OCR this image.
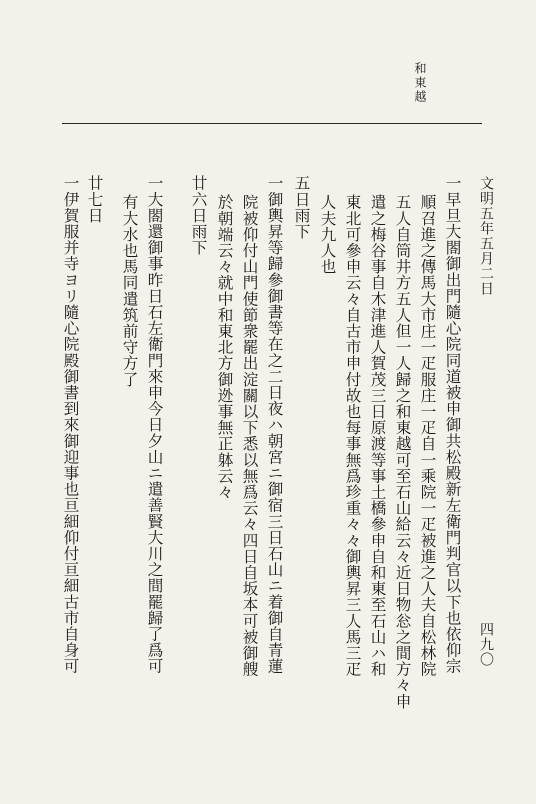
和東越
文明五年五月二日
四九〇
一早旦大閤御出門隨心院同道被申御共松殿新左衛門判官以下也依仰宗
順召進之傳馬大市庄一疋服庄一疋自一乘院一疋被進之人夫自松林院
五人自筒井方五人但一人歸之和東越可至石山給云々近日物忩之間方々申
遣之梅谷事自木津進人賀茂三日原渡等事土橋參申自和東至石山ハ和
東北可參申云々自古市申付故也每事無爲珍重々々御輿昇三人馬三疋
人夫九人也
五日雨下
一御輿昇等歸參御書等在之二日夜ハ朝宮ニ御宿三日石山ニ着御自青蓮
院被仰付山門使節衆罷出淀關以下悉以無爲云々四日自坂本可被御艘
於朝端云々就中和東北方御迯事無正躰云々
廿六日雨下
一大閤還御事昨日石左衛門來申今日夕山ニ遣善賢大川之間罷歸了爲可
有大水也馬同遣筑前守方了
廿七日
一伊賀服并寺ヨリ隨心院殿御書到來御迎事也亘細仰付亘細古市自身可
